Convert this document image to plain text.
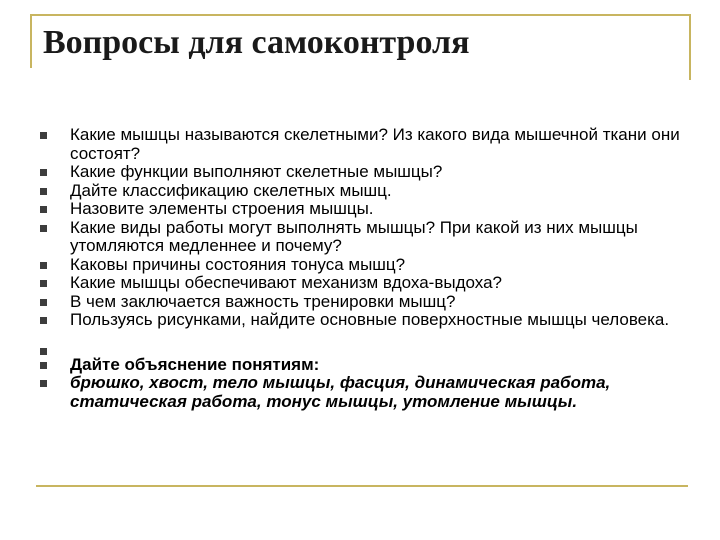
Вопросы для самоконтроля
Какие мышцы называются скелетными? Из какого вида мышечной ткани они состоят?
Какие функции выполняют скелетные мышцы?
Дайте классификацию скелетных мышц.
Назовите элементы строения мышцы.
Какие виды работы могут выполнять мышцы? При какой из них мышцы утомляются медленнее и почему?
Каковы причины состояния тонуса мышц?
Какие мышцы обеспечивают механизм вдоха-выдоха?
В чем заключается важность тренировки мышц?
Пользуясь рисунками, найдите основные поверхностные мышцы человека.
Дайте объяснение понятиям:
брюшко, хвост, тело мышцы, фасция, динамическая работа, статическая работа, тонус мышцы, утомление мышцы.
